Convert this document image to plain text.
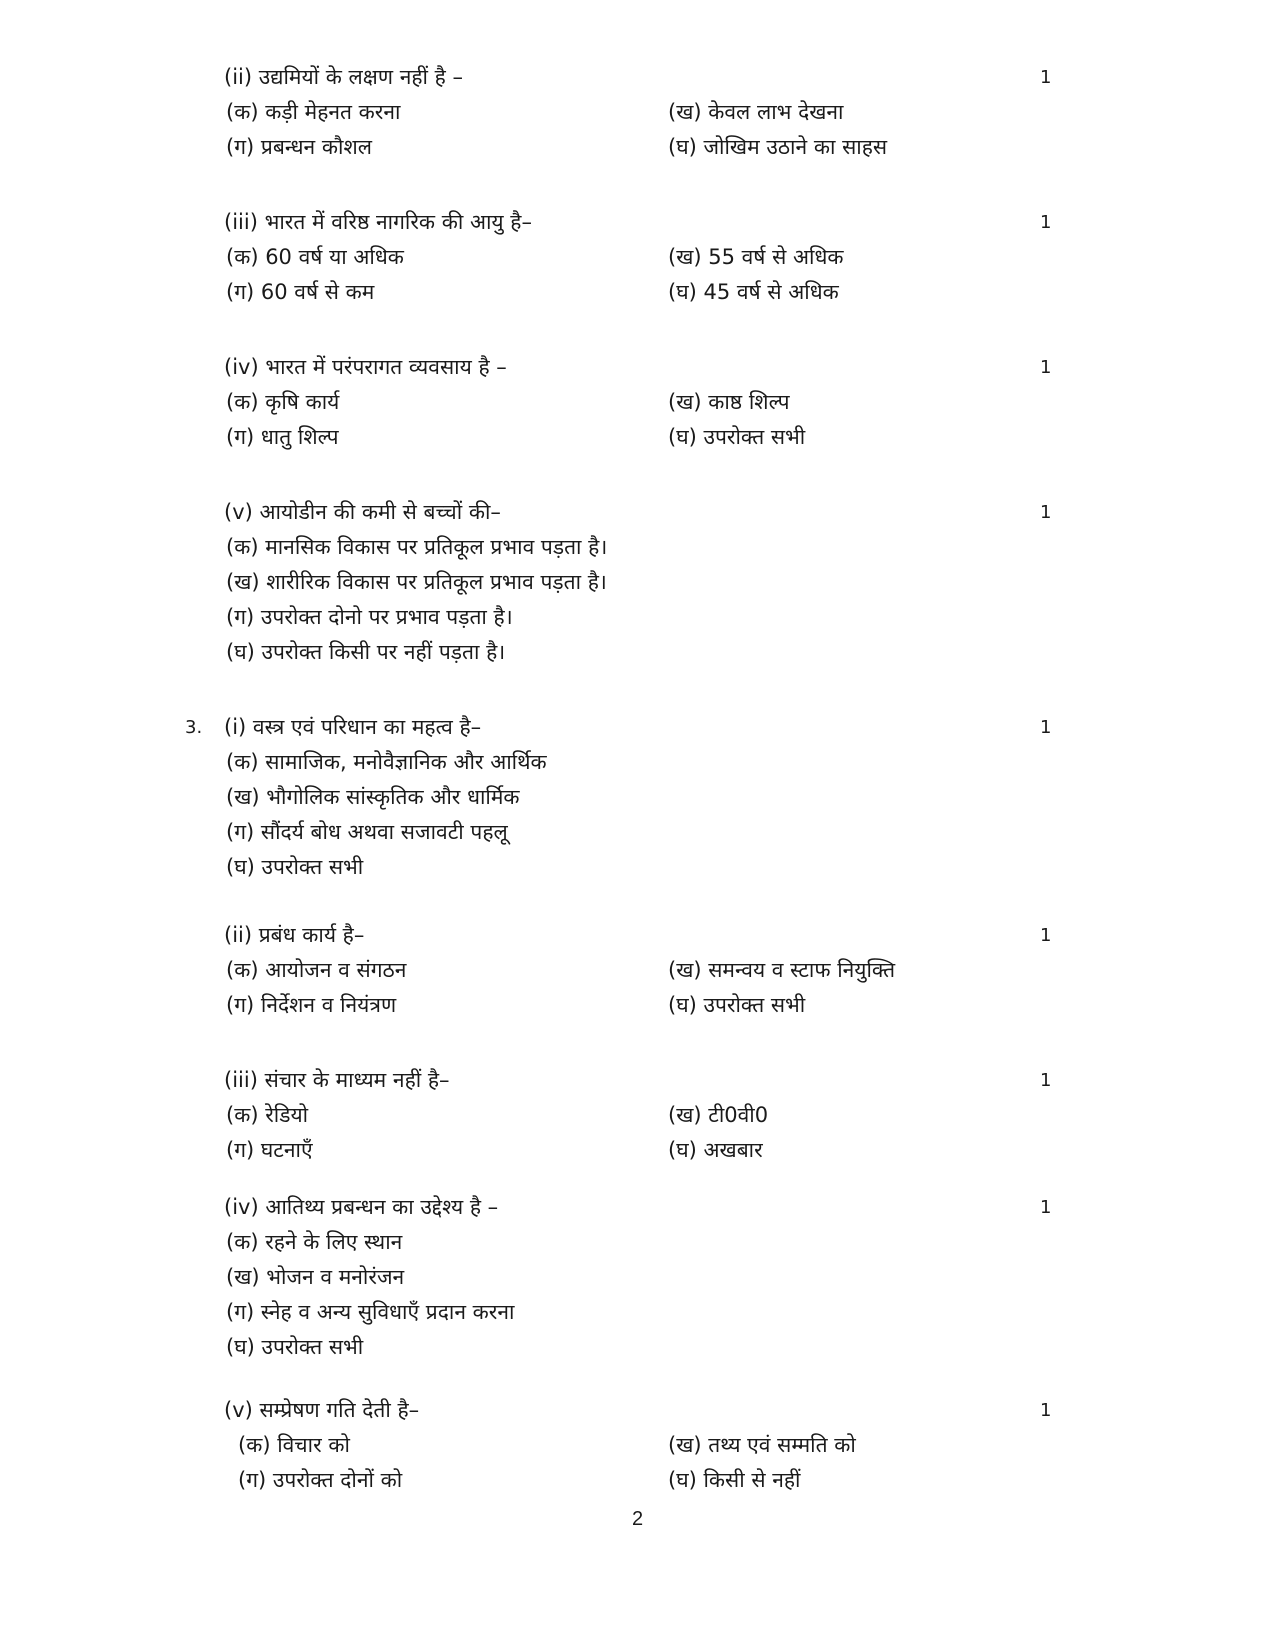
(ii) उद्यमियों के लक्षण नहीं है –	1
(क) कड़ी मेहनत करना	(ख) केवल लाभ देखना
(ग) प्रबन्धन कौशल	(घ) जोखिम उठाने का साहस
(iii) भारत में वरिष्ठ नागरिक की आयु है–	1
(क) 60 वर्ष या अधिक	(ख) 55 वर्ष से अधिक
(ग) 60 वर्ष से कम	(घ) 45 वर्ष से अधिक
(iv) भारत में परंपरागत व्यवसाय है –	1
(क) कृषि कार्य	(ख) काष्ठ शिल्प
(ग) धातु शिल्प	(घ) उपरोक्त सभी
(v) आयोडीन की कमी से बच्चों की–	1
(क) मानसिक विकास पर प्रतिकूल प्रभाव पड़ता है।
(ख) शारीरिक विकास पर प्रतिकूल प्रभाव पड़ता है।
(ग) उपरोक्त दोनो पर प्रभाव पड़ता है।
(घ) उपरोक्त किसी पर नहीं पड़ता है।
3. (i) वस्त्र एवं परिधान का महत्व है–	1
(क) सामाजिक, मनोवैज्ञानिक और आर्थिक
(ख) भौगोलिक सांस्कृतिक और धार्मिक
(ग) सौंदर्य बोध अथवा सजावटी पहलू
(घ) उपरोक्त सभी
(ii) प्रबंध कार्य है–	1
(क) आयोजन व संगठन	(ख) समन्वय व स्टाफ नियुक्ति
(ग) निर्देशन व नियंत्रण	(घ) उपरोक्त सभी
(iii) संचार के माध्यम नहीं है–	1
(क) रेडियो	(ख) टी0वी0
(ग) घटनाएँ	(घ) अखबार
(iv) आतिथ्य प्रबन्धन का उद्देश्य है –	1
(क) रहने के लिए स्थान
(ख) भोजन व मनोरंजन
(ग) स्नेह व अन्य सुविधाएँ प्रदान करना
(घ) उपरोक्त सभी
(v) सम्प्रेषण गति देती है–	1
(क) विचार को	(ख) तथ्य एवं सम्मति को
(ग) उपरोक्त दोनों को	(घ) किसी से नहीं
2
